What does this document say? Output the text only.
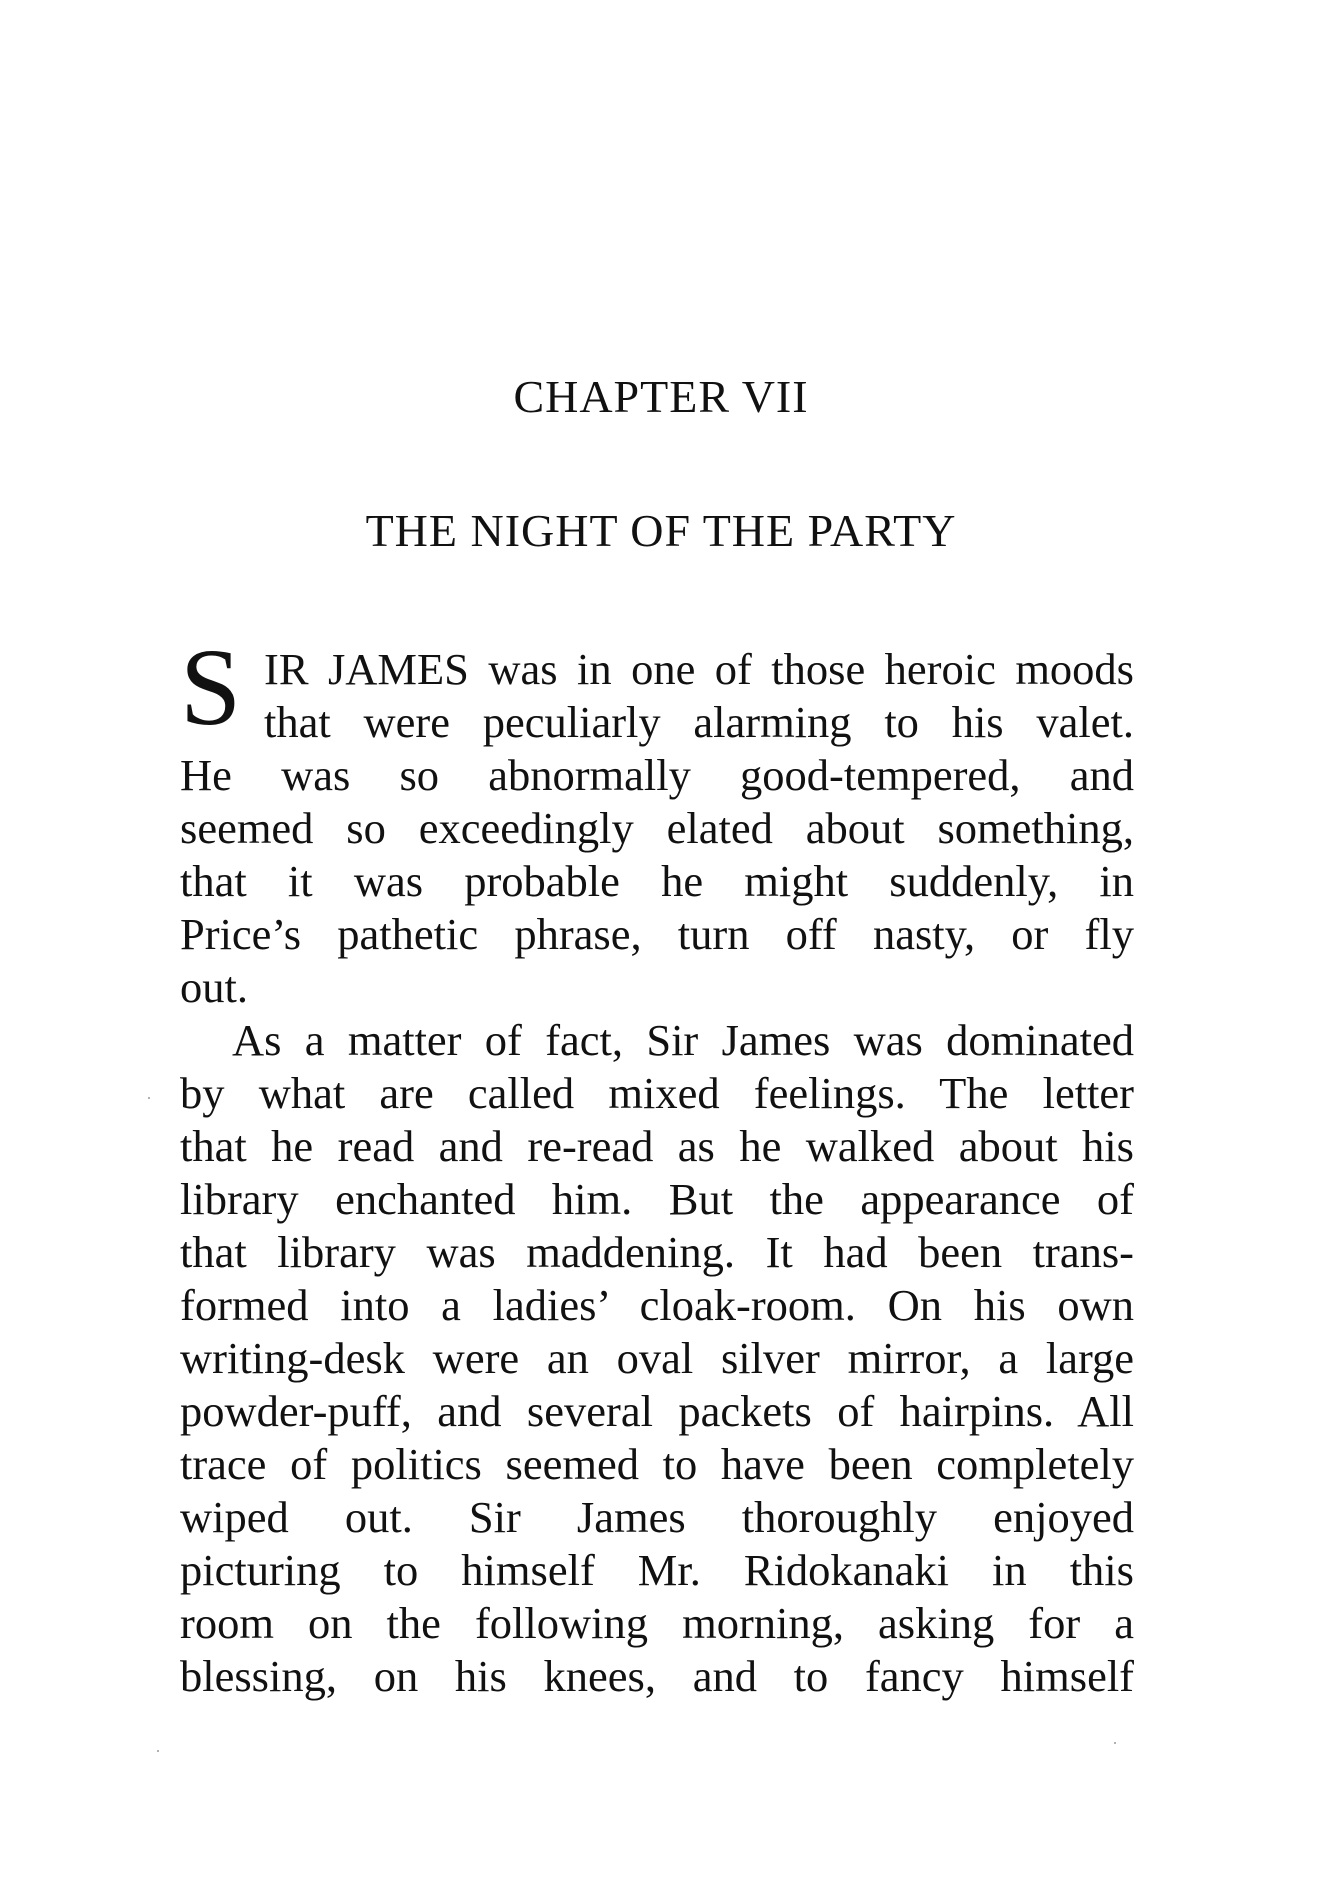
CHAPTER VII
THE NIGHT OF THE PARTY
S IR JAMES was in one of those heroic moods
that were peculiarly alarming to his valet.
He was so abnormally good-tempered, and
seemed so exceedingly elated about something,
that it was probable he might suddenly, in
Price’s pathetic phrase, turn off nasty, or fly
out.
As a matter of fact, Sir James was dominated
by what are called mixed feelings. The letter
that he read and re-read as he walked about his
library enchanted him. But the appearance of
that library was maddening. It had been trans-
formed into a ladies’ cloak-room. On his own
writing-desk were an oval silver mirror, a large
powder-puff, and several packets of hairpins. All
trace of politics seemed to have been completely
wiped out. Sir James thoroughly enjoyed
picturing to himself Mr. Ridokanaki in this
room on the following morning, asking for a
blessing, on his knees, and to fancy himself
